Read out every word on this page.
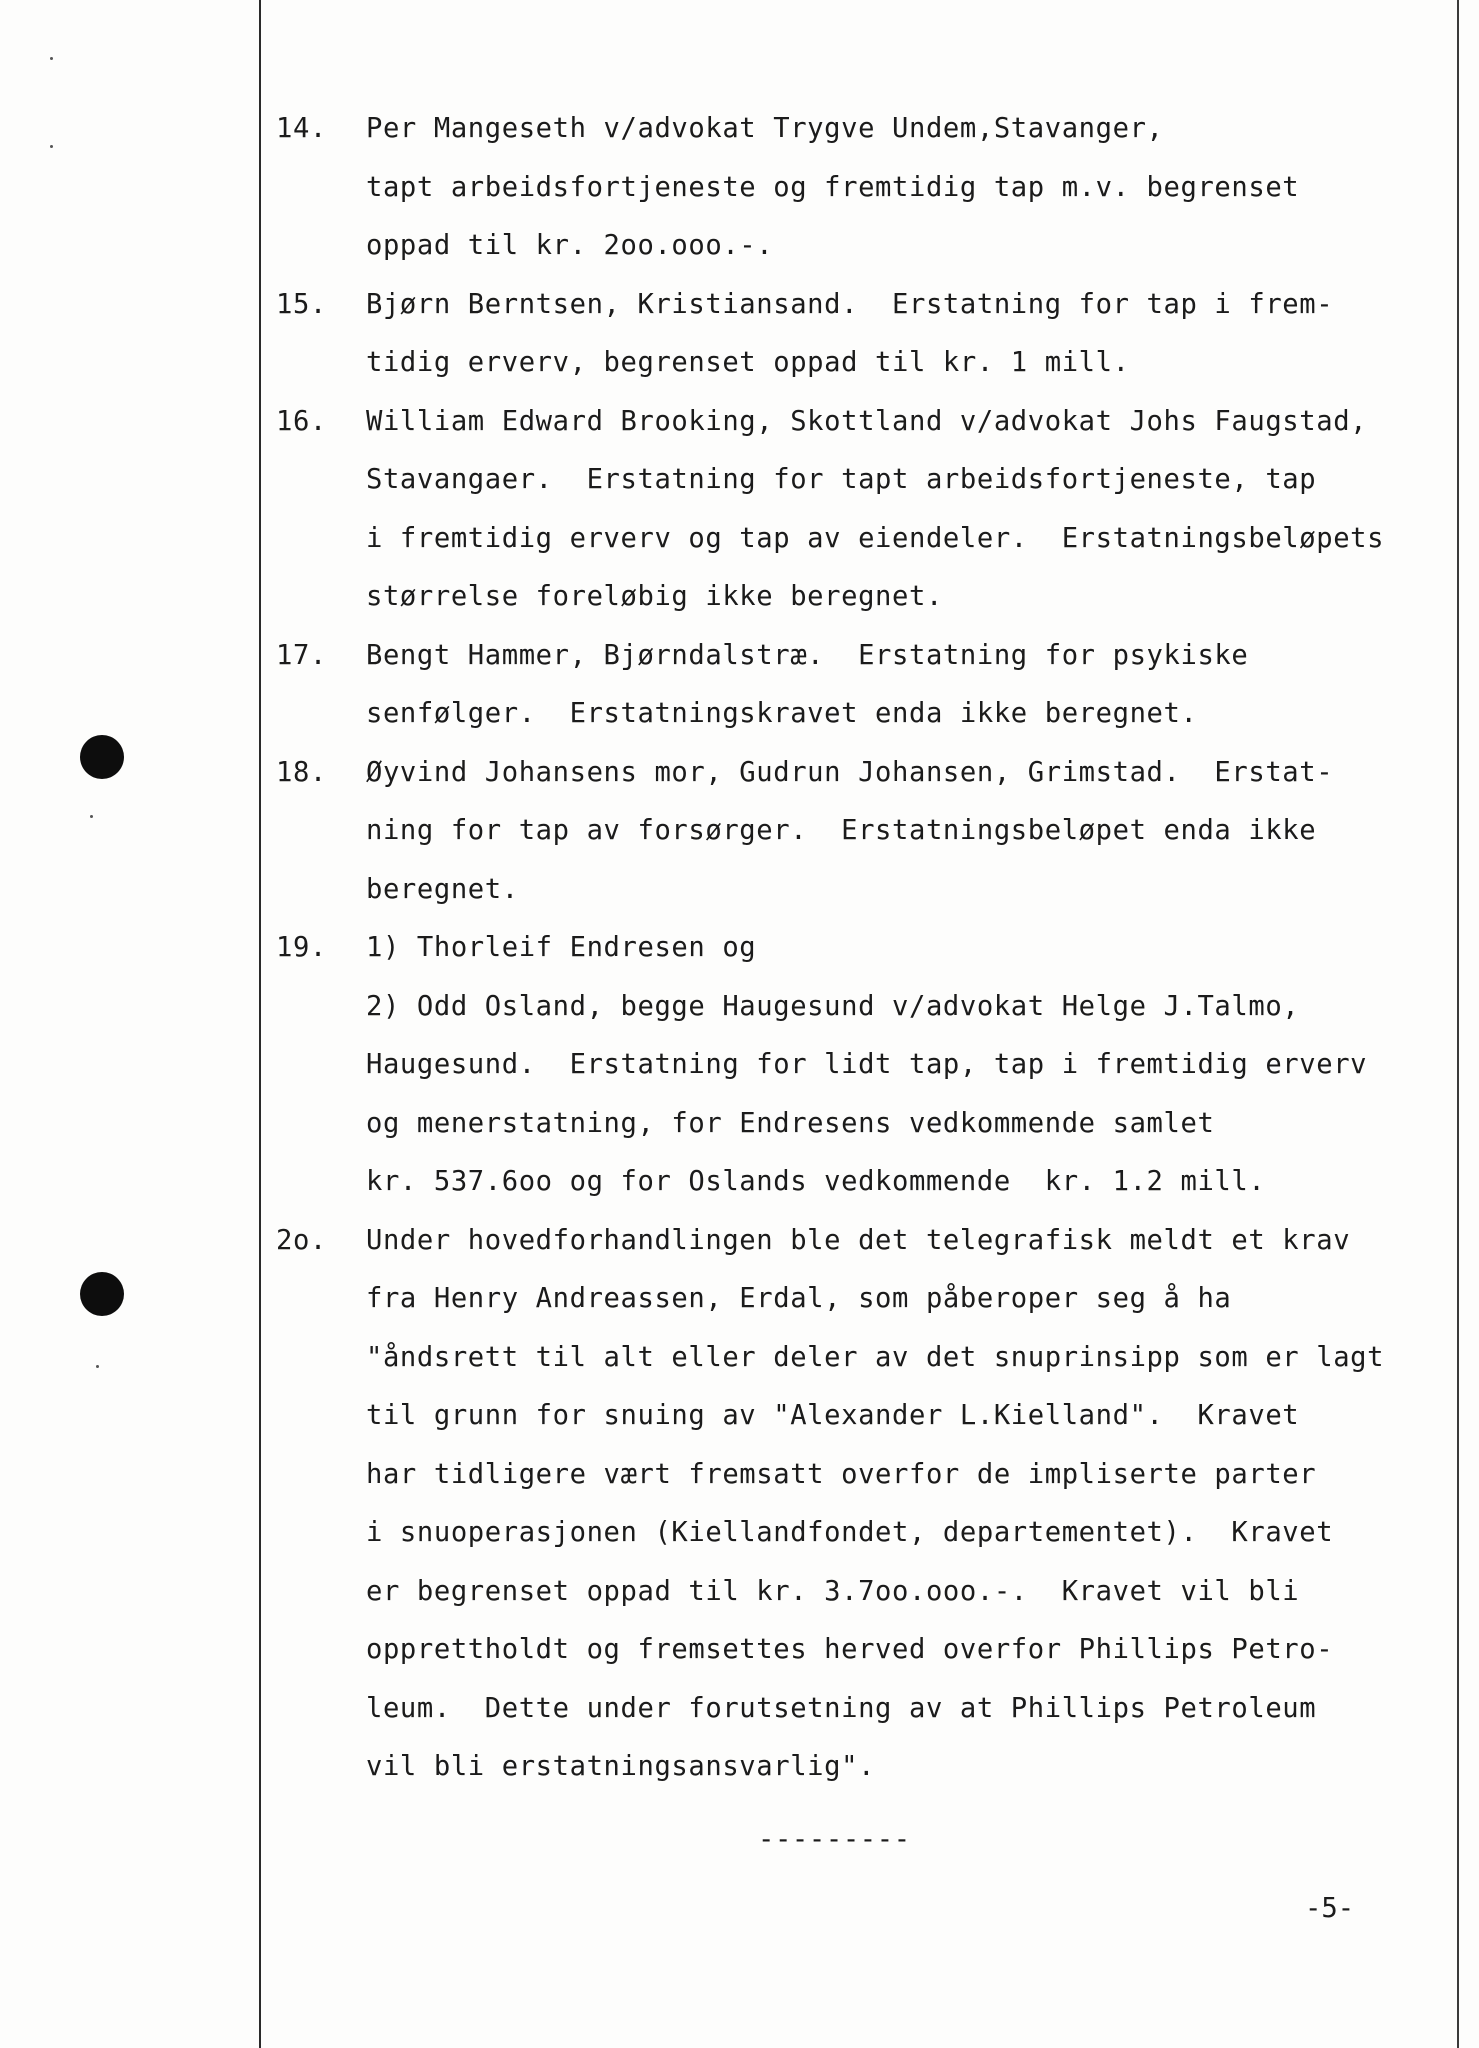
14. Per Mangeseth v/advokat Trygve Undem,Stavanger,
tapt arbeidsfortjeneste og fremtidig tap m.v. begrenset
oppad til kr. 2oo.ooo.-.
15. Bjørn Berntsen, Kristiansand.  Erstatning for tap i frem-
tidig erverv, begrenset oppad til kr. 1 mill.
16. William Edward Brooking, Skottland v/advokat Johs Faugstad,
Stavangaer.  Erstatning for tapt arbeidsfortjeneste, tap
i fremtidig erverv og tap av eiendeler.  Erstatningsbeløpets
størrelse foreløbig ikke beregnet.
17. Bengt Hammer, Bjørndalstræ.  Erstatning for psykiske
senfølger.  Erstatningskravet enda ikke beregnet.
18. Øyvind Johansens mor, Gudrun Johansen, Grimstad.  Erstat-
ning for tap av forsørger.  Erstatningsbeløpet enda ikke
beregnet.
19. 1) Thorleif Endresen og
2) Odd Osland, begge Haugesund v/advokat Helge J.Talmo,
Haugesund.  Erstatning for lidt tap, tap i fremtidig erverv
og menerstatning, for Endresens vedkommende samlet
kr. 537.6oo og for Oslands vedkommende  kr. 1.2 mill.
2o. Under hovedforhandlingen ble det telegrafisk meldt et krav
fra Henry Andreassen, Erdal, som påberoper seg å ha
"åndsrett til alt eller deler av det snuprinsipp som er lagt
til grunn for snuing av "Alexander L.Kielland".  Kravet
har tidligere vært fremsatt overfor de impliserte parter
i snuoperasjonen (Kiellandfondet, departementet).  Kravet
er begrenset oppad til kr. 3.7oo.ooo.-.  Kravet vil bli
opprettholdt og fremsettes herved overfor Phillips Petro-
leum.  Dette under forutsetning av at Phillips Petroleum
vil bli erstatningsansvarlig".
---------
-5-
